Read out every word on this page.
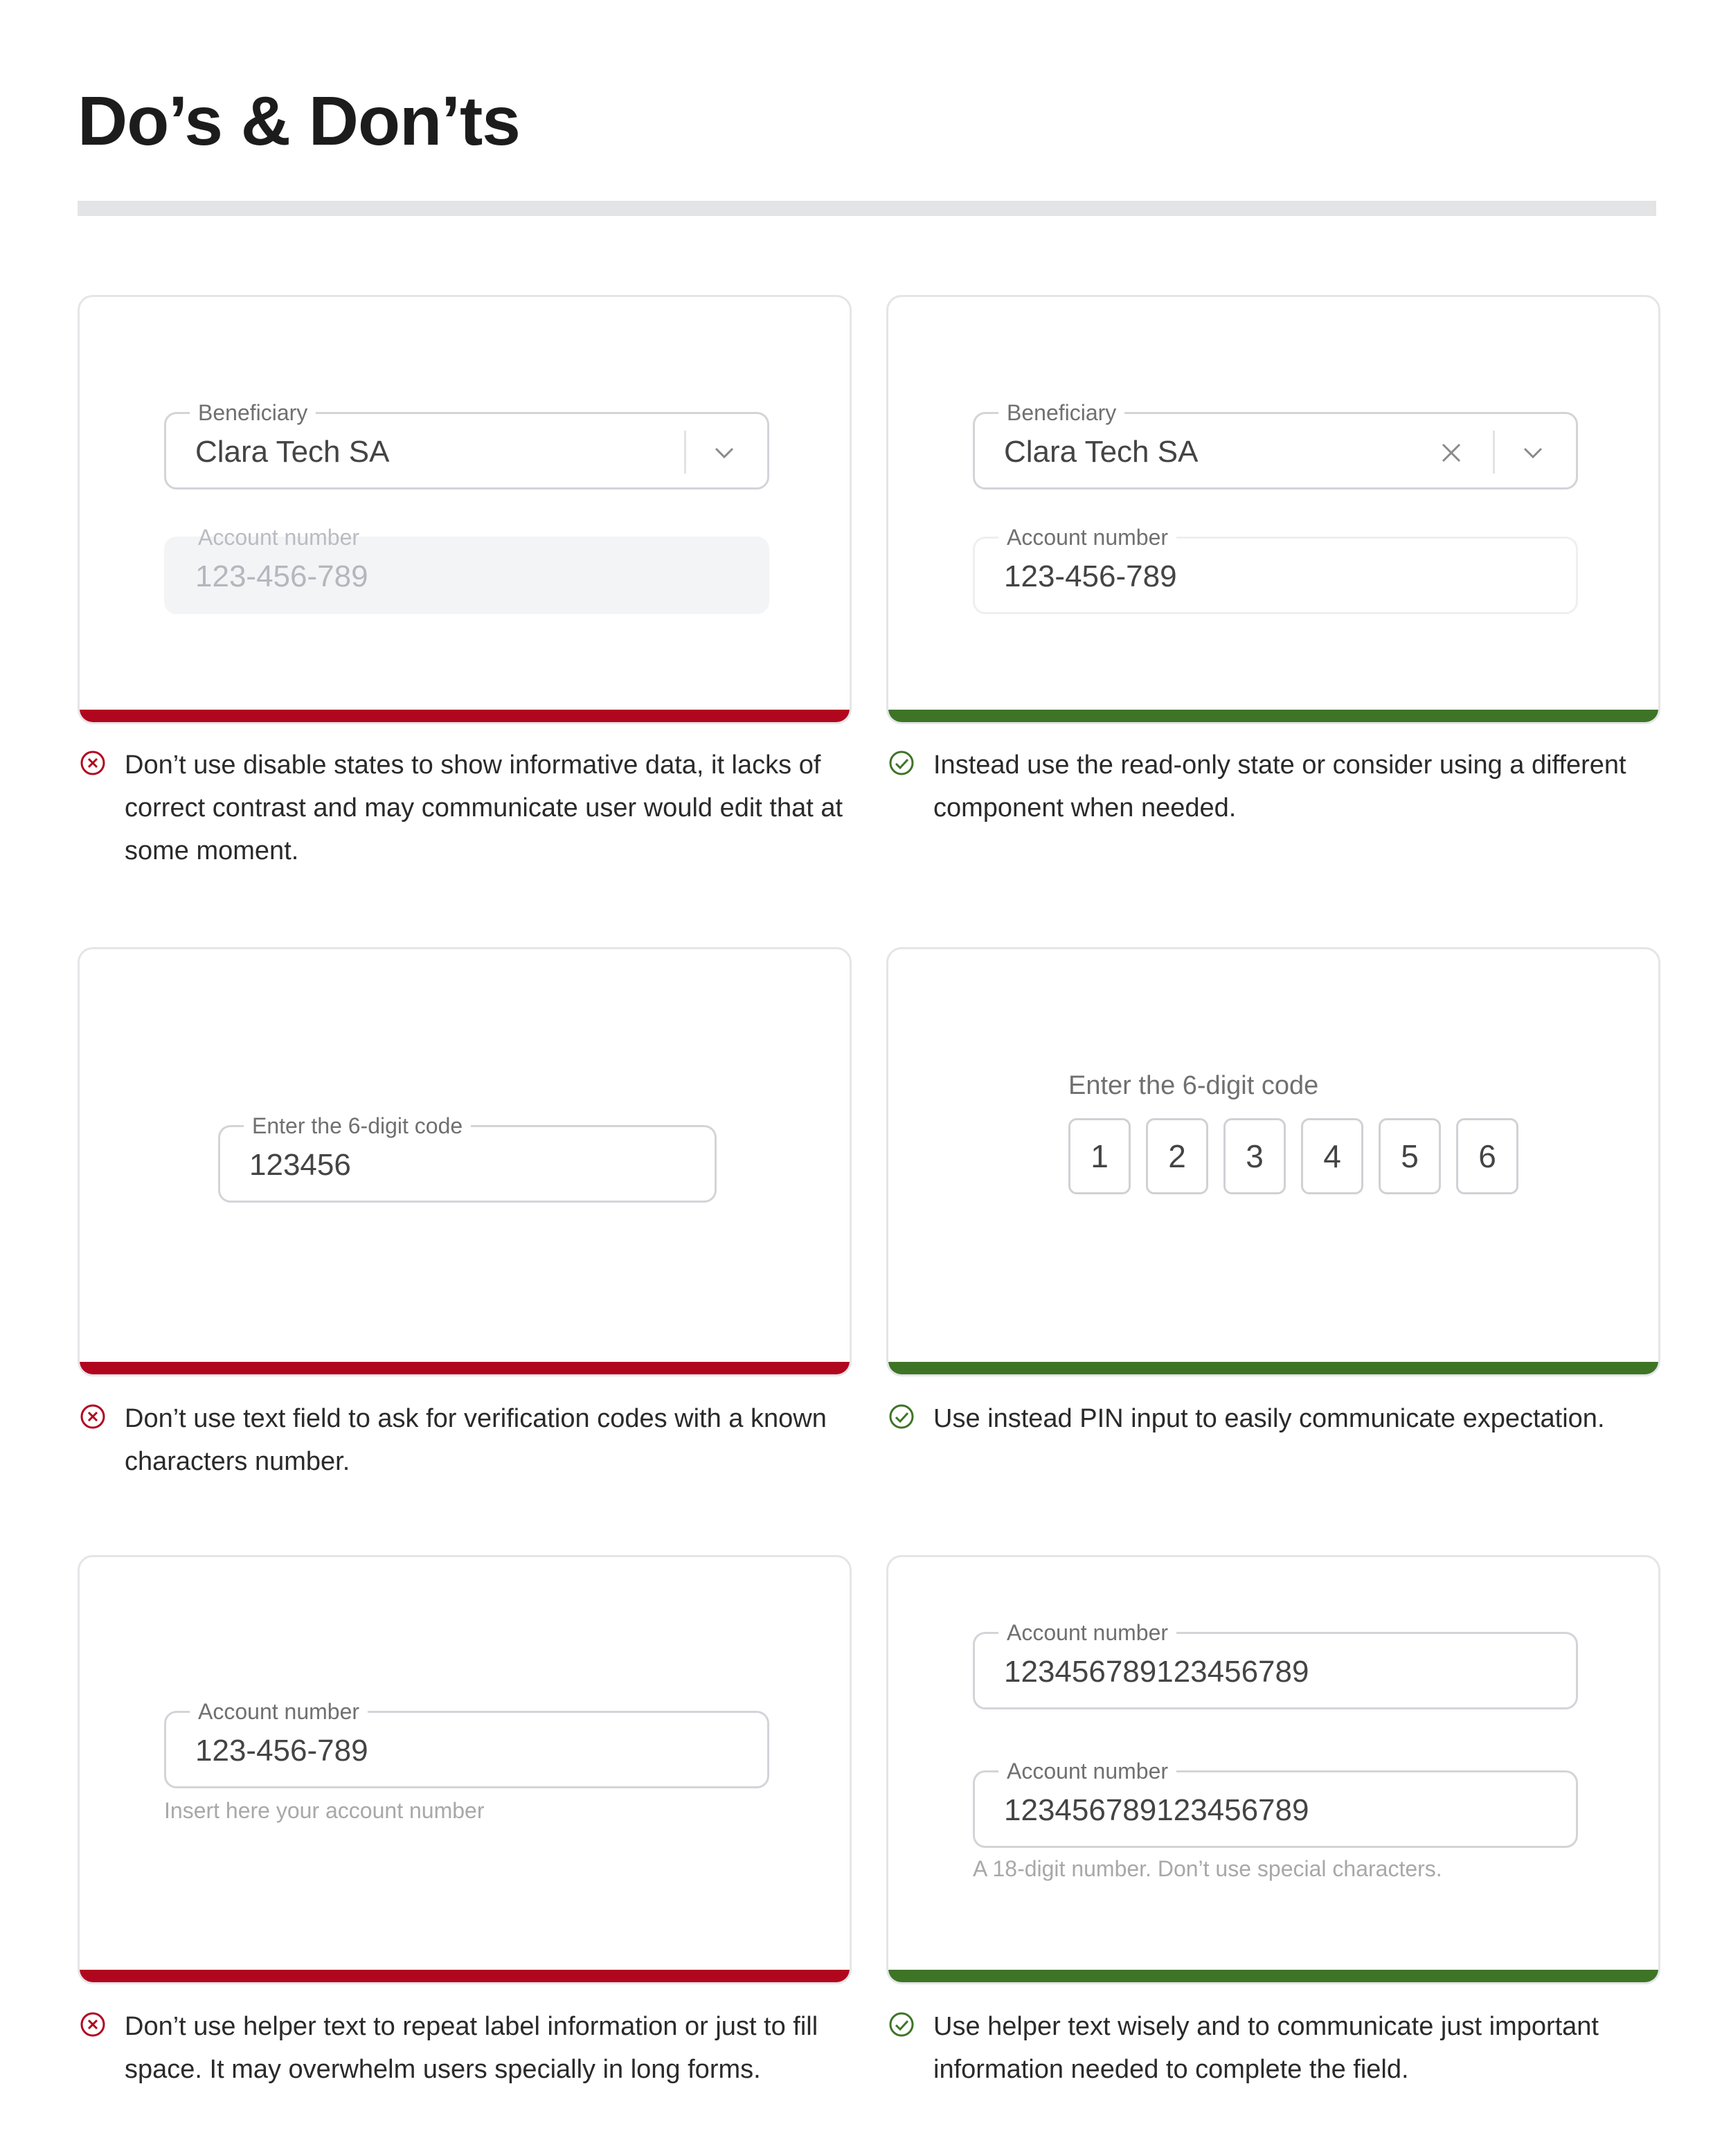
Do’s & Don’ts
Beneficiary
Clara Tech SA
Account number
123-456-789

Don’t use disable states to show informative data, it lacks of correct contrast and may communicate user would edit that at some moment.

Beneficiary
Clara Tech SA
Account number
123-456-789

Instead use the read-only state or consider using a different component when needed.

Enter the 6-digit code
123456

Don’t use text field to ask for verification codes with a known characters number.

Enter the 6-digit code
1	2	3	4	5	6

Use instead PIN input to easily communicate expectation.

Account number
123-456-789
Insert here your account number

Don’t use helper text to repeat label information or just to fill space. It may overwhelm users specially in long forms.

Account number
123456789123456789
Account number
123456789123456789
A 18-digit number. Don’t use special characters.

Use helper text wisely and to communicate just important information needed to complete the field.
